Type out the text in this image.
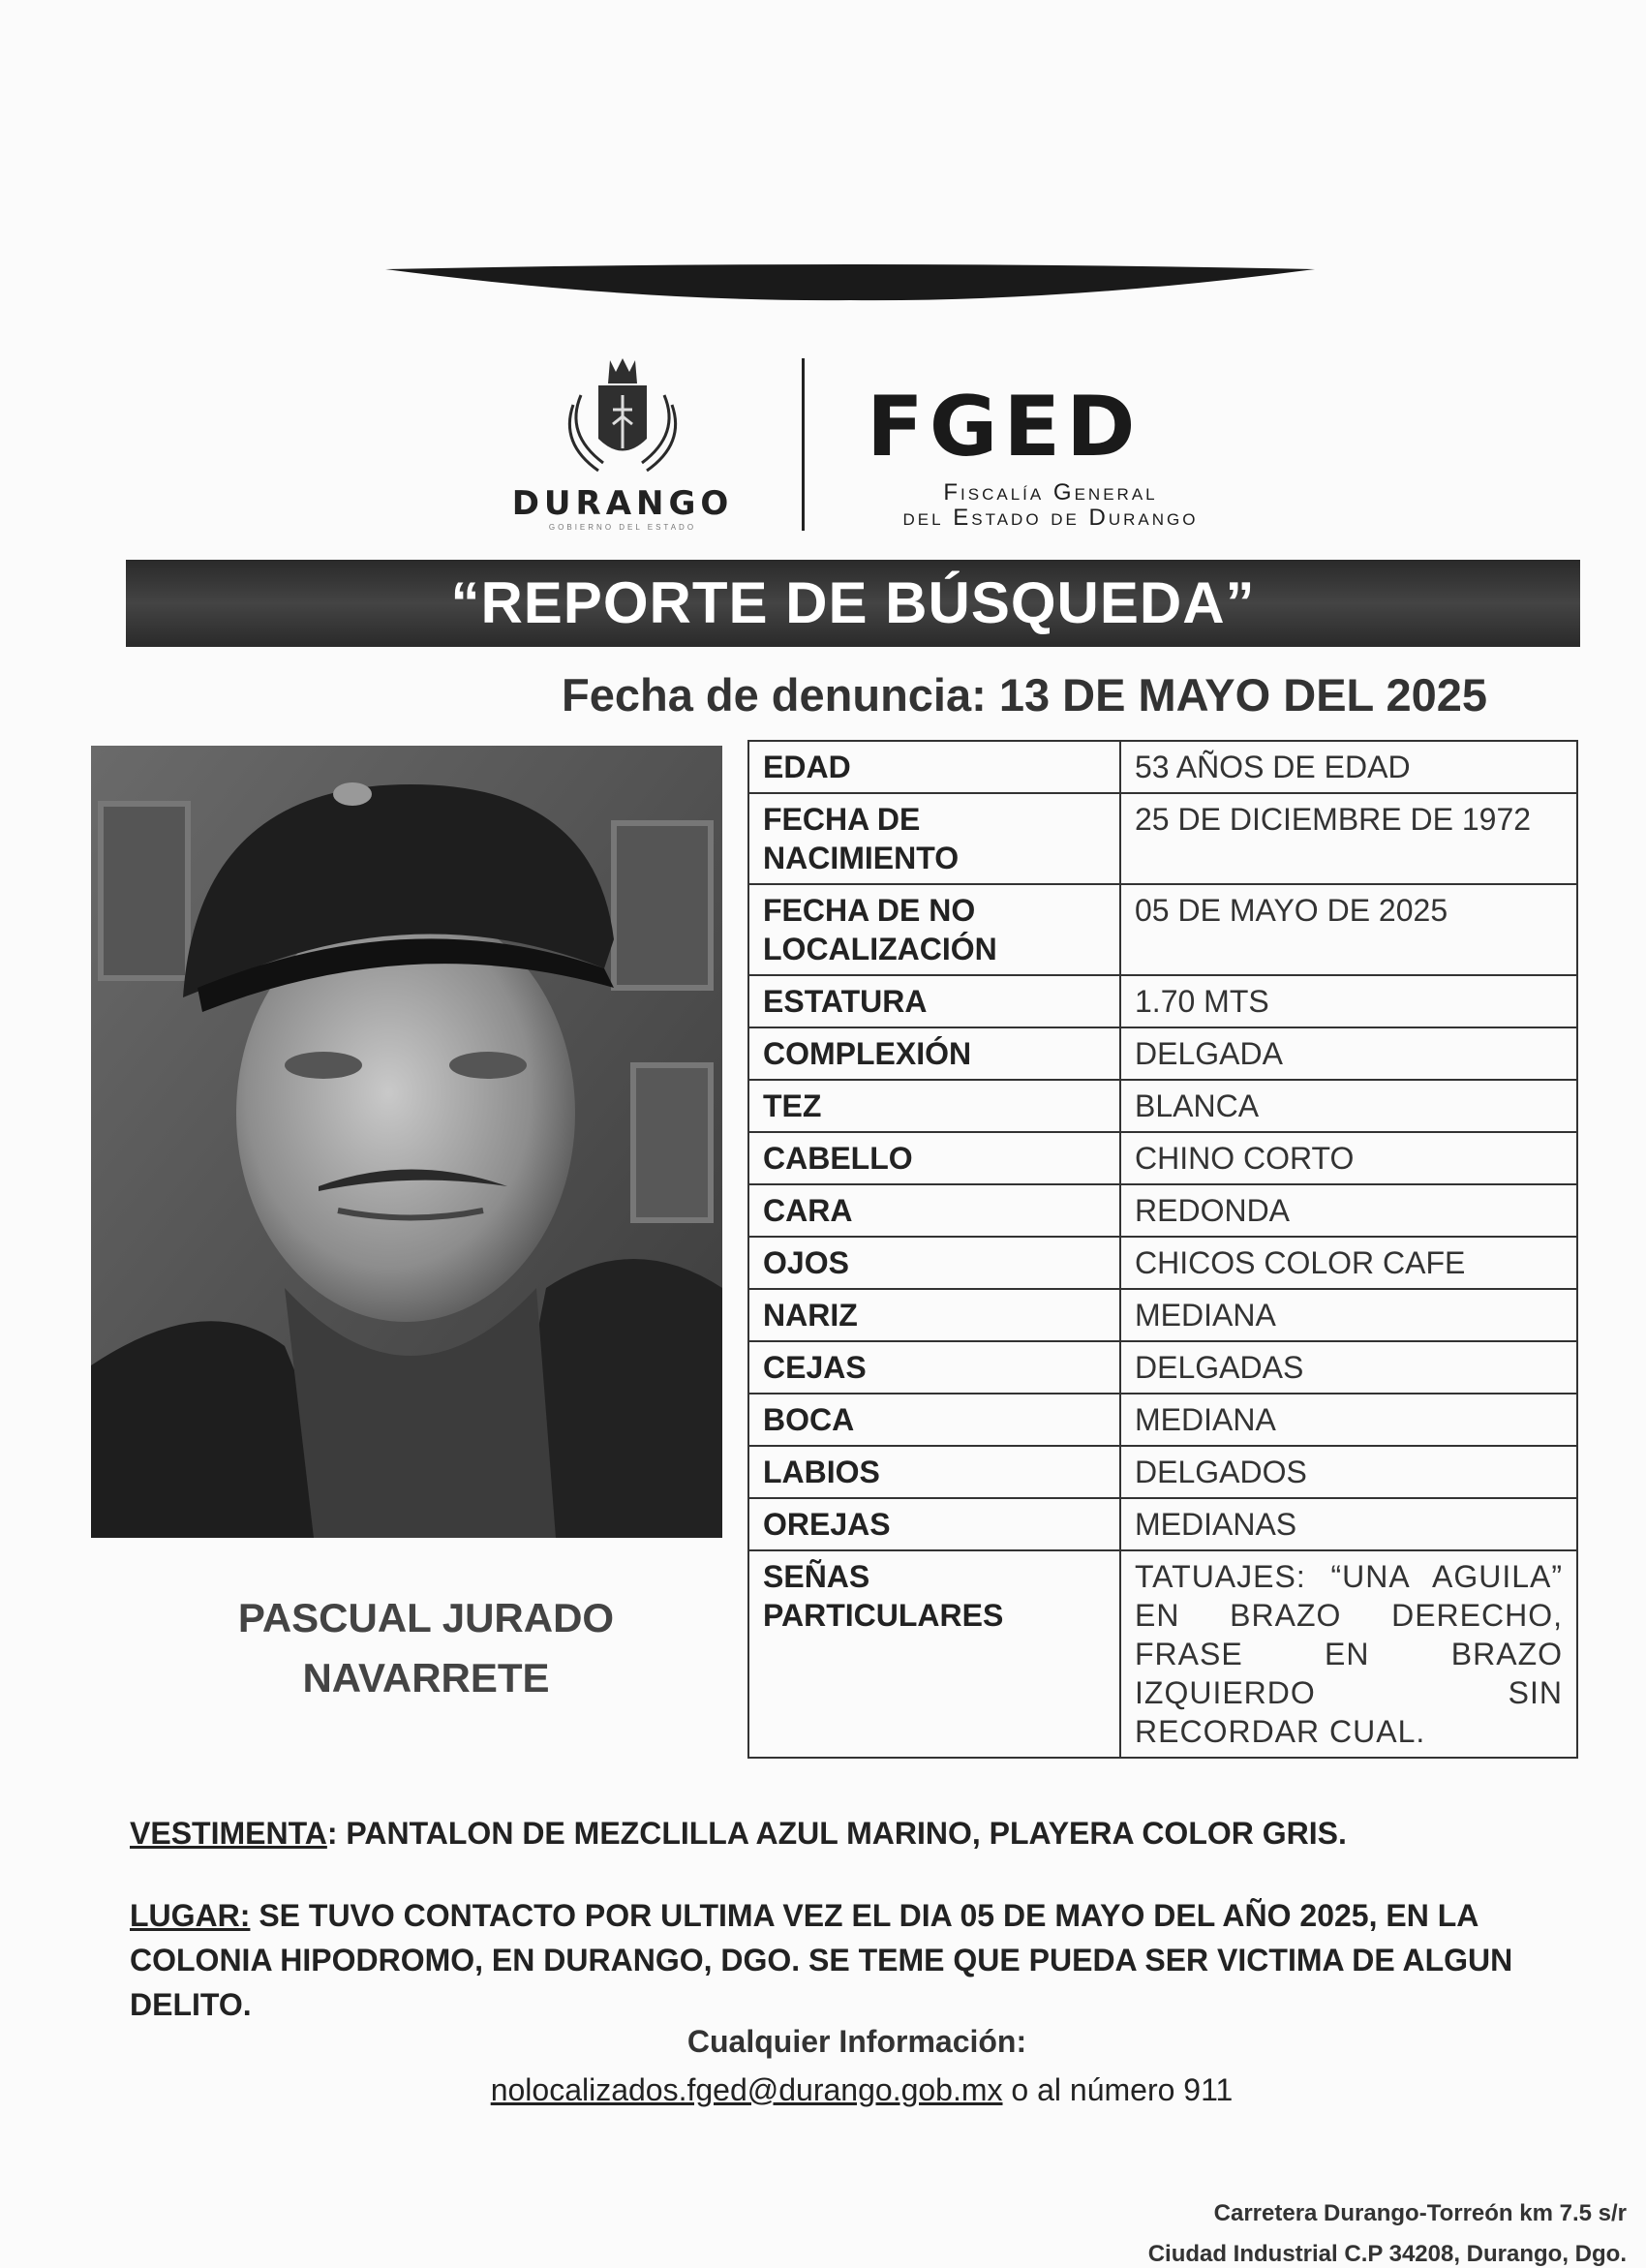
DURANGO
GOBIERNO DEL ESTADO
FGED
Fiscalía General
del Estado de Durango
“REPORTE DE BÚSQUEDA”
Fecha de denuncia: 13 DE MAYO DEL 2025
EDAD	53 AÑOS DE EDAD
FECHA DE NACIMIENTO	25 DE DICIEMBRE DE 1972
FECHA DE NO LOCALIZACIÓN	05 DE MAYO DE 2025
ESTATURA	1.70 MTS
COMPLEXIÓN	DELGADA
TEZ	BLANCA
CABELLO	CHINO CORTO
CARA	REDONDA
OJOS	CHICOS COLOR CAFE
NARIZ	MEDIANA
CEJAS	DELGADAS
BOCA	MEDIANA
LABIOS	DELGADOS
OREJAS	MEDIANAS
SEÑAS PARTICULARES	TATUAJES: “UNA AGUILA” EN BRAZO DERECHO, FRASE EN BRAZO IZQUIERDO SIN RECORDAR CUAL.
PASCUAL JURADO
NAVARRETE
VESTIMENTA: PANTALON DE MEZCLILLA AZUL MARINO, PLAYERA COLOR GRIS.
LUGAR: SE TUVO CONTACTO POR ULTIMA VEZ EL DIA 05 DE MAYO DEL AÑO 2025, EN LA COLONIA HIPODROMO, EN DURANGO, DGO. SE TEME QUE PUEDA SER VICTIMA DE ALGUN DELITO.
Cualquier Información:
nolocalizados.fged@durango.gob.mx o al número 911
Carretera Durango-Torreón km 7.5 s/r
Ciudad Industrial C.P 34208, Durango, Dgo.
